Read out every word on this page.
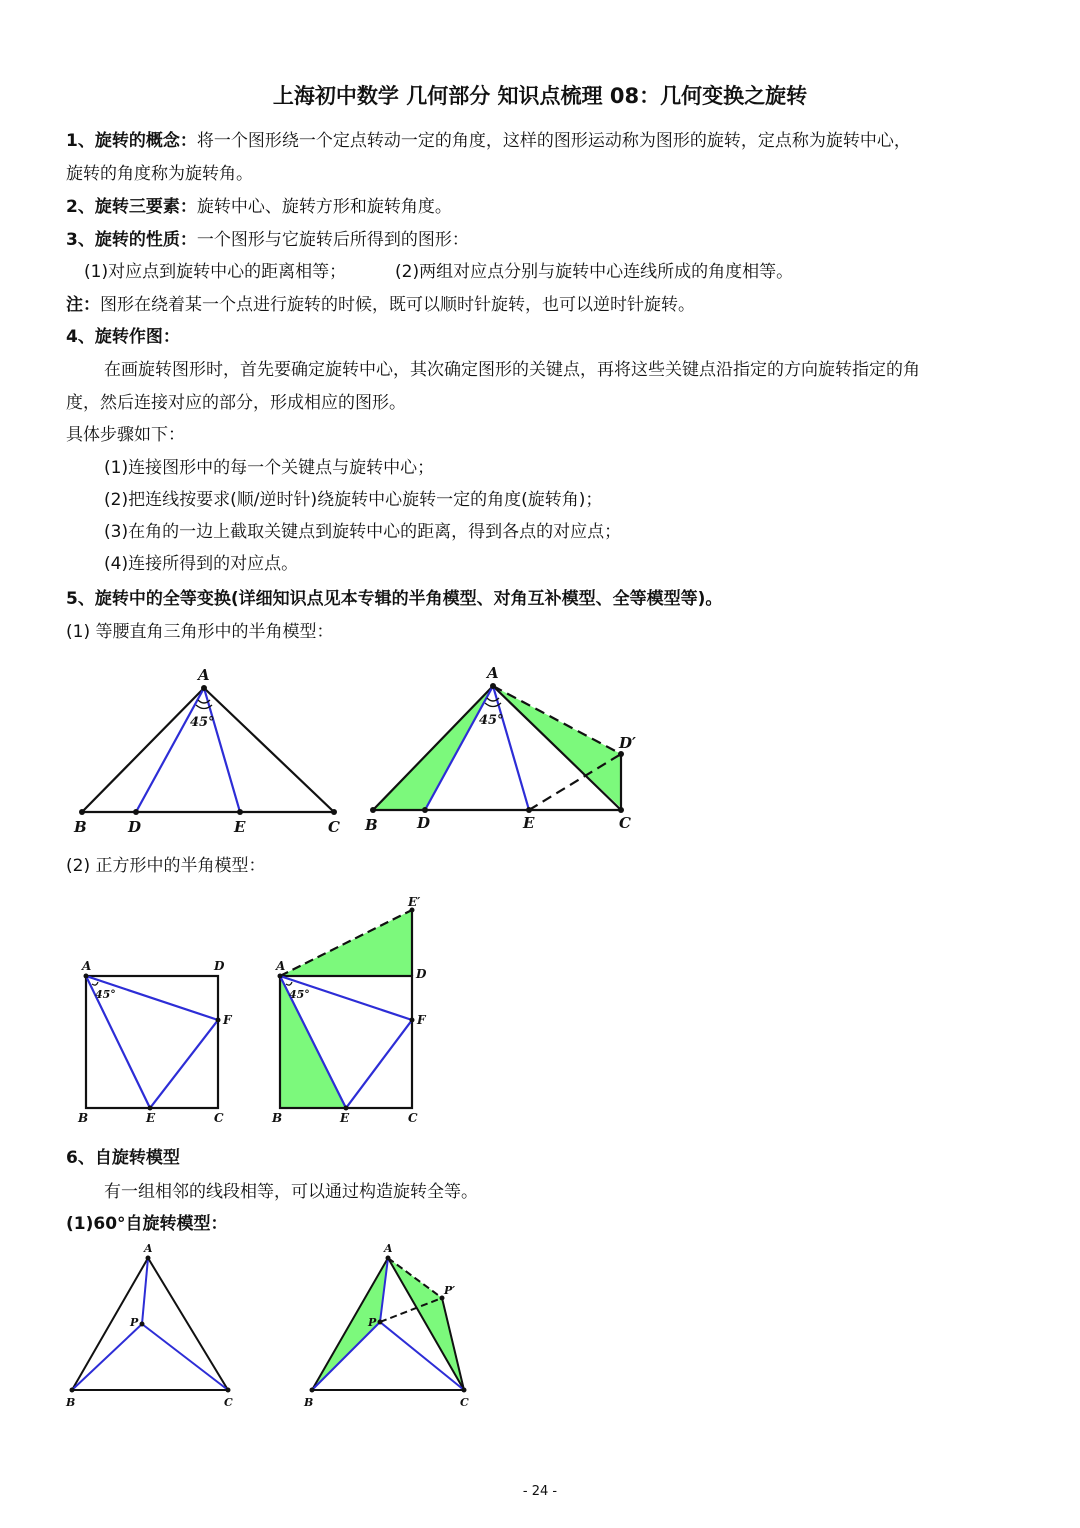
上海初中数学 几何部分 知识点梳理 08：几何变换之旋转
1、旋转的概念：将一个图形绕一个定点转动一定的角度，这样的图形运动称为图形的旋转，定点称为旋转中心，
旋转的角度称为旋转角。
2、旋转三要素：旋转中心、旋转方形和旋转角度。
3、旋转的性质：一个图形与它旋转后所得到的图形：
(1)对应点到旋转中心的距离相等；	(2)两组对应点分别与旋转中心连线所成的角度相等。
注：图形在绕着某一个点进行旋转的时候，既可以顺时针旋转，也可以逆时针旋转。
4、旋转作图：
在画旋转图形时，首先要确定旋转中心，其次确定图形的关键点，再将这些关键点沿指定的方向旋转指定的角
度，然后连接对应的部分，形成相应的图形。
具体步骤如下：
(1)连接图形中的每一个关键点与旋转中心；
(2)把连线按要求(顺/逆时针)绕旋转中心旋转一定的角度(旋转角)；
(3)在角的一边上截取关键点到旋转中心的距离，得到各点的对应点；
(4)连接所得到的对应点。
5、旋转中的全等变换(详细知识点见本专辑的半角模型、对角互补模型、全等模型等)。
(1) 等腰直角三角形中的半角模型：
A
45°
B	D	E	C
A
45°
D′
B	D	E	C
(2) 正方形中的半角模型：
A	D
45°
F
B	E	C
E′
A
D
45°
F
B	E	C
6、自旋转模型
有一组相邻的线段相等，可以通过构造旋转全等。
(1)60°自旋转模型：
A
P
B	C
A
P′
P
B	C
- 24 -
